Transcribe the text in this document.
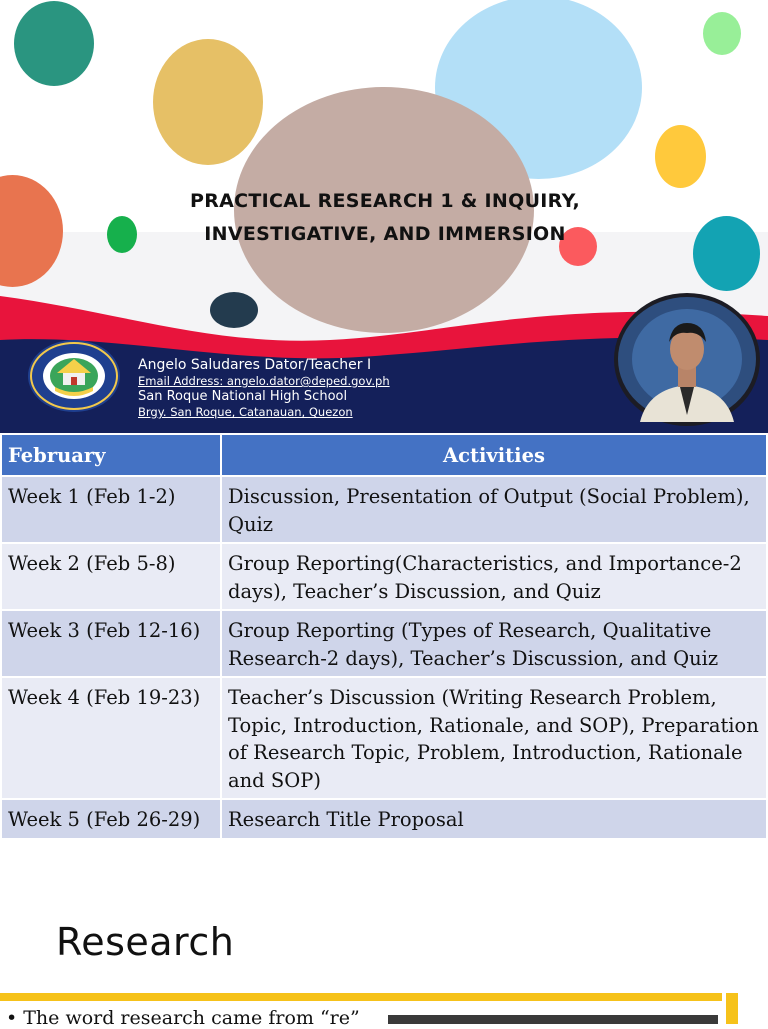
PRACTICAL RESEARCH 1 & INQUIRY,
INVESTIGATIVE, AND IMMERSION
Angelo Saludares Dator/Teacher I
Email Address: angelo.dator@deped.gov.ph
San Roque National High School
Brgy. San Roque, Catanauan, Quezon
February	Activities
Week 1 (Feb 1-2)	Discussion, Presentation of Output (Social Problem), Quiz
Week 2 (Feb 5-8)	Group Reporting(Characteristics, and Importance-2 days), Teacher’s Discussion, and Quiz
Week 3 (Feb 12-16)	Group Reporting (Types of Research, Qualitative Research-2 days), Teacher’s Discussion, and Quiz
Week 4 (Feb 19-23)	Teacher’s Discussion (Writing Research Problem, Topic, Introduction, Rationale, and SOP), Preparation of Research Topic, Problem, Introduction, Rationale and SOP)
Week 5 (Feb 26-29)	Research Title Proposal
Research
• The word research came from “re”
